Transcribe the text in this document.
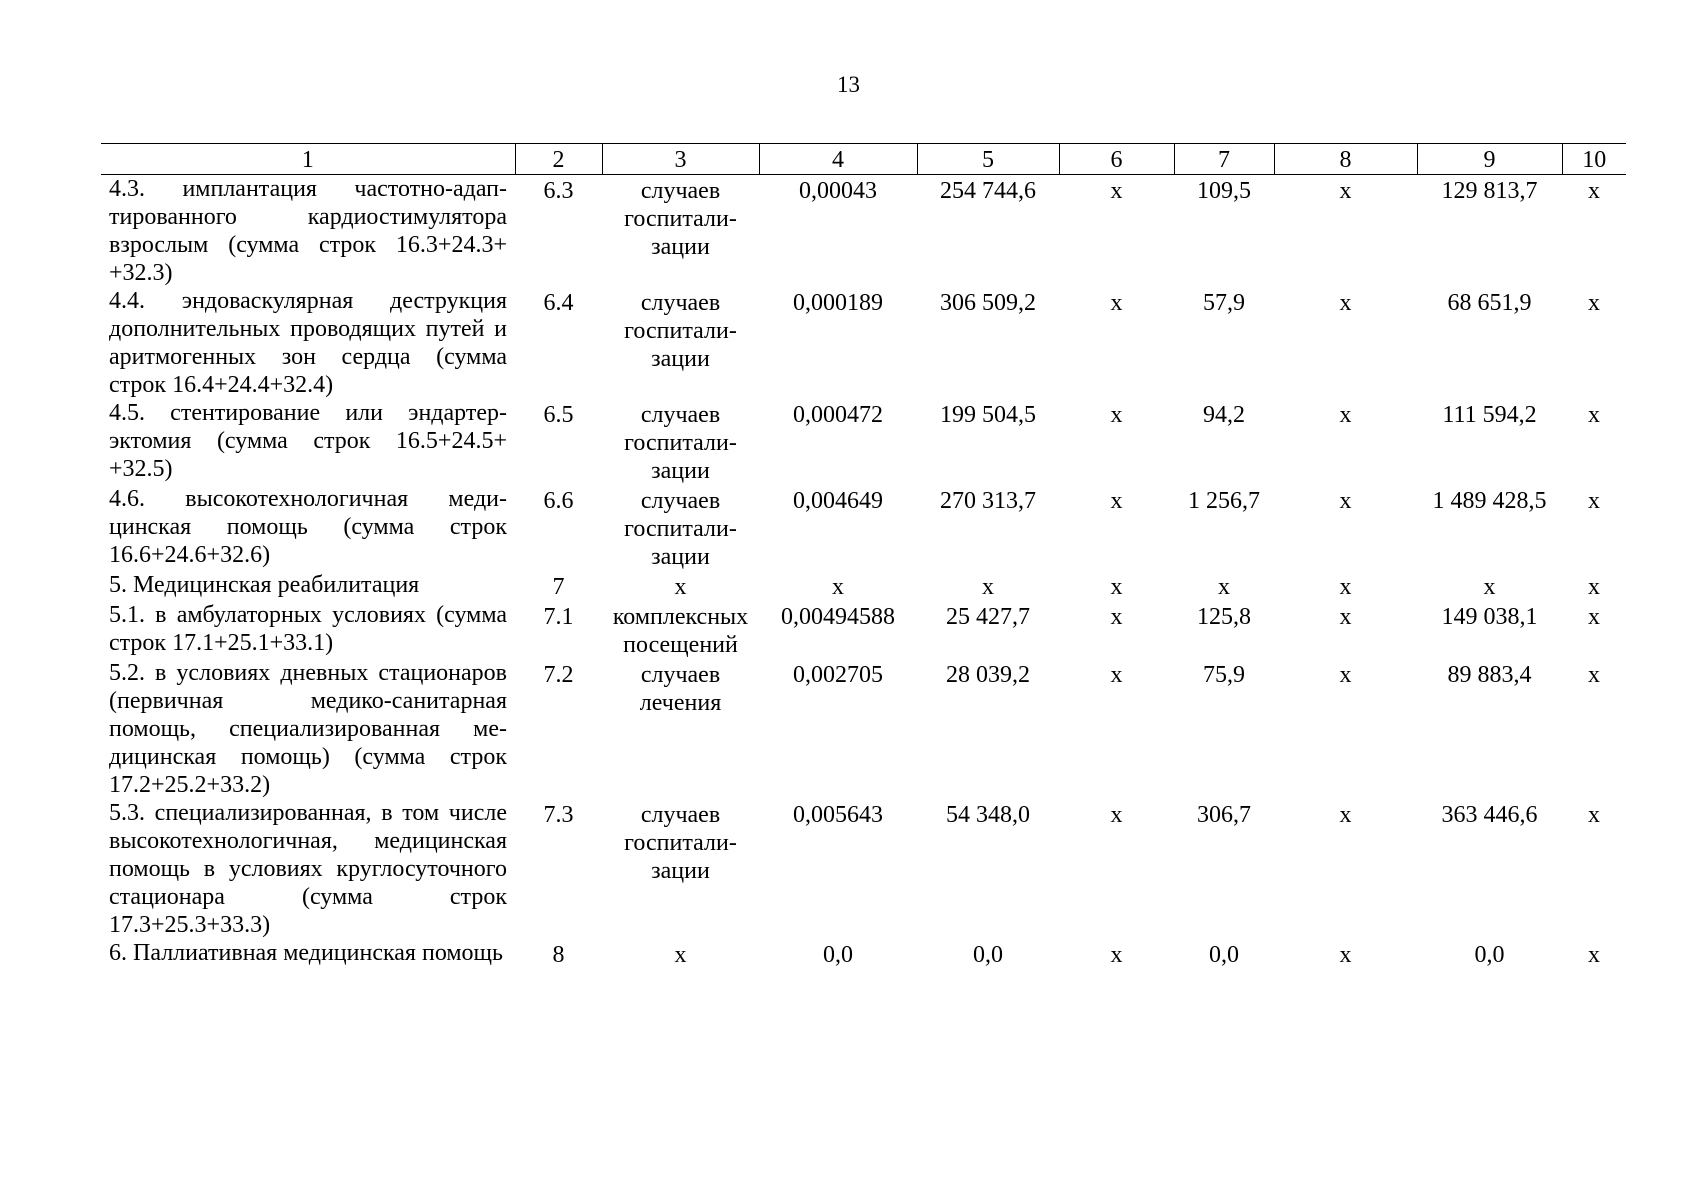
13
1	2	3	4	5	6	7	8	9	10
4.3. имплантация частотно-адаптированного кардиостимулятора взрослым (сумма строк 16.3+24.3+ +32.3)	6.3	случаев госпитализации	0,00043	254 744,6	х	109,5	х	129 813,7	х
4.4. эндоваскулярная деструкция дополнительных проводящих путей и аритмогенных зон сердца (сумма строк 16.4+24.4+32.4)	6.4	случаев госпитализации	0,000189	306 509,2	х	57,9	х	68 651,9	х
4.5. стентирование или эндартерэктомия (сумма строк 16.5+24.5+ +32.5)	6.5	случаев госпитализации	0,000472	199 504,5	х	94,2	х	111 594,2	х
4.6. высокотехнологичная медицинская помощь (сумма строк 16.6+24.6+32.6)	6.6	случаев госпитализации	0,004649	270 313,7	х	1 256,7	х	1 489 428,5	х
5. Медицинская реабилитация	7	х	х	х	х	х	х	х	х
5.1. в амбулаторных условиях (сумма строк 17.1+25.1+33.1)	7.1	комплексных посещений	0,00494588	25 427,7	х	125,8	х	149 038,1	х
5.2. в условиях дневных стационаров (первичная медико-санитарная помощь, специализированная медицинская помощь) (сумма строк 17.2+25.2+33.2)	7.2	случаев лечения	0,002705	28 039,2	х	75,9	х	89 883,4	х
5.3. специализированная, в том числе высокотехнологичная, медицинская помощь в условиях круглосуточного стационара (сумма строк 17.3+25.3+33.3)	7.3	случаев госпитализации	0,005643	54 348,0	х	306,7	х	363 446,6	х
6. Паллиативная медицинская помощь	8	х	0,0	0,0	х	0,0	х	0,0	х
